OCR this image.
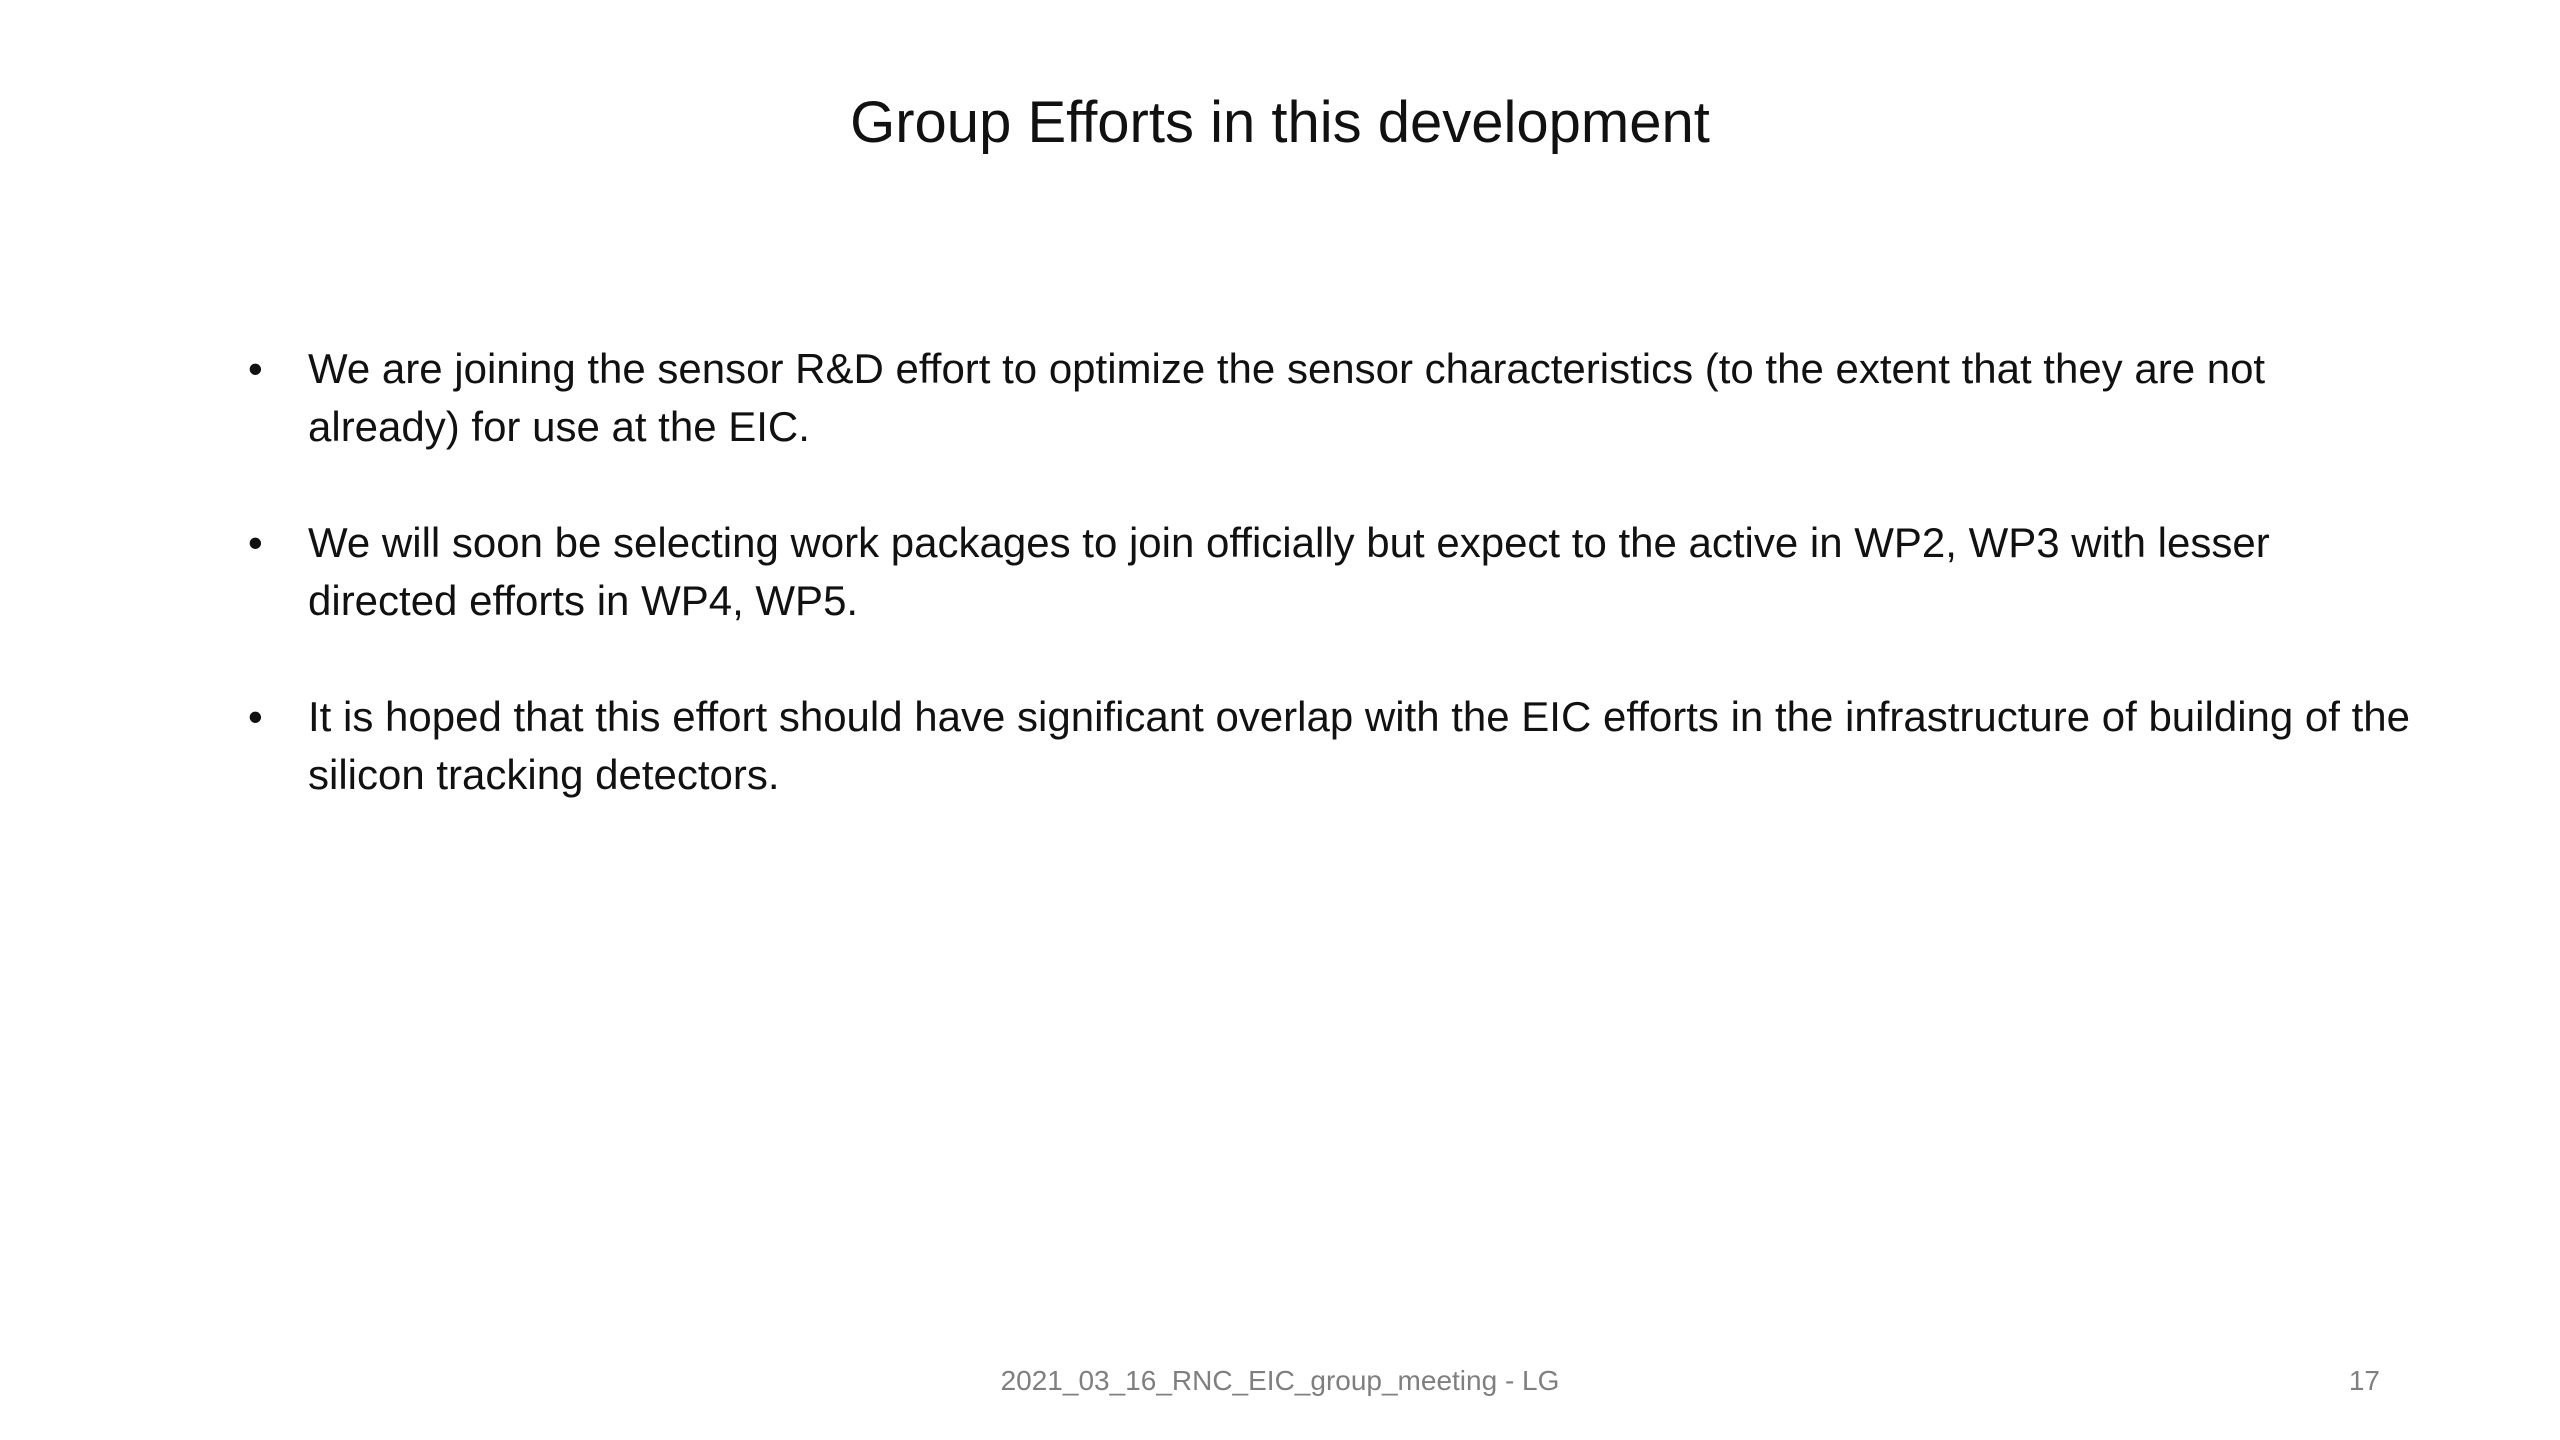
Group Efforts in this development
• We are joining the sensor R&D effort to optimize the sensor characteristics (to the extent that they are not already) for use at the EIC.
• We will soon be selecting work packages to join officially but expect to the active in WP2, WP3 with lesser directed efforts in WP4, WP5.
• It is hoped that this effort should have significant overlap with the EIC efforts in the infrastructure of building of the silicon tracking detectors.
2021_03_16_RNC_EIC_group_meeting - LG	17
